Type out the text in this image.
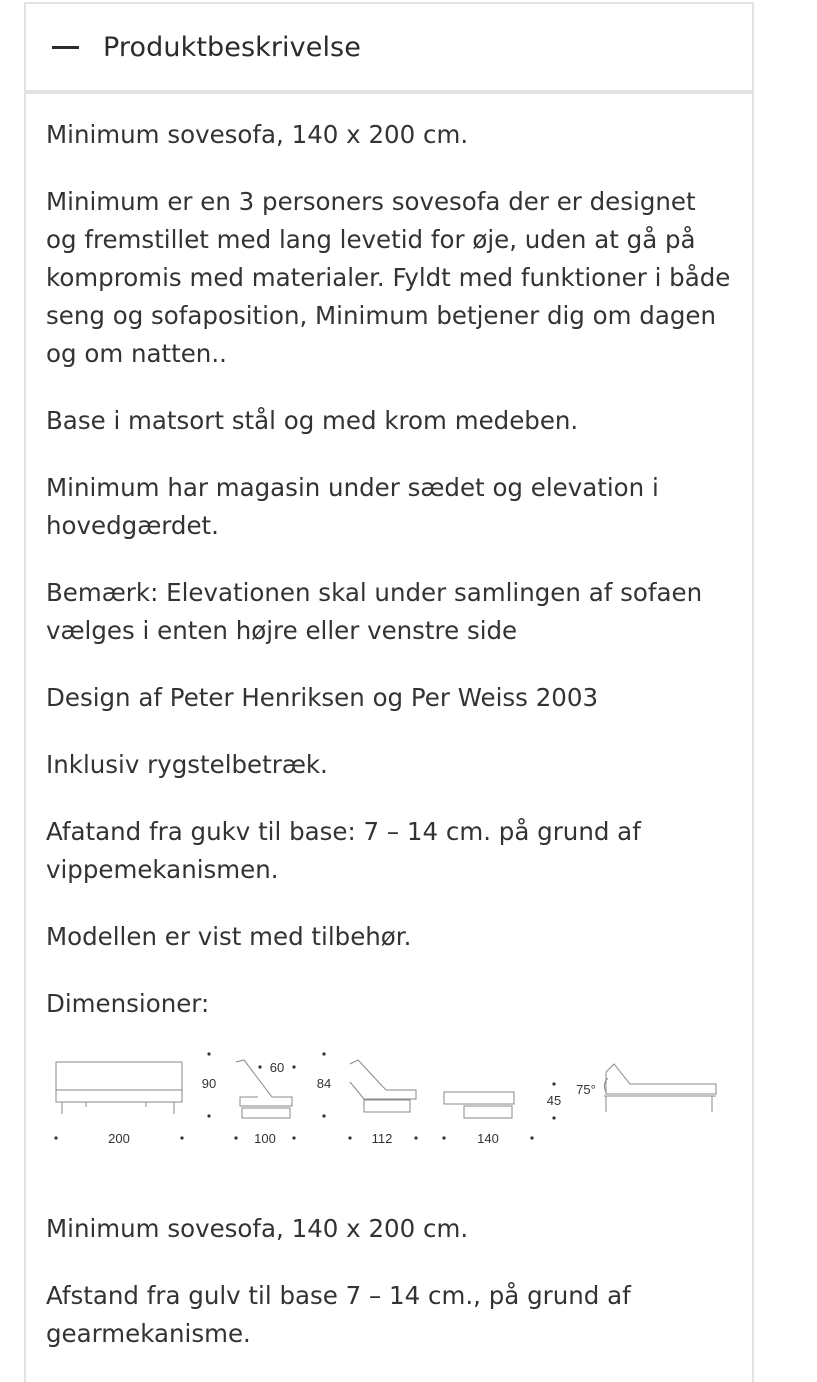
Produktbeskrivelse

Minimum sovesofa, 140 x 200 cm.

Minimum er en 3 personers sovesofa der er designet og fremstillet med lang levetid for øje, uden at gå på kompromis med materialer. Fyldt med funktioner i både seng og sofaposition, Minimum betjener dig om dagen og om natten..

Base i matsort stål og med krom medeben.

Minimum har magasin under sædet og elevation i hovedgærdet.

Bemærk: Elevationen skal under samlingen af sofaen vælges i enten højre eller venstre side

Design af Peter Henriksen og Per Weiss 2003

Inklusiv rygstelbetræk.

Afatand fra gukv til base: 7 – 14 cm. på grund af vippemekanismen.

Modellen er vist med tilbehør.

Dimensioner:

200
90
60
100
84
112	140
45
75°

Minimum sovesofa, 140 x 200 cm.

Afstand fra gulv til base 7 – 14 cm., på grund af gearmekanisme.
